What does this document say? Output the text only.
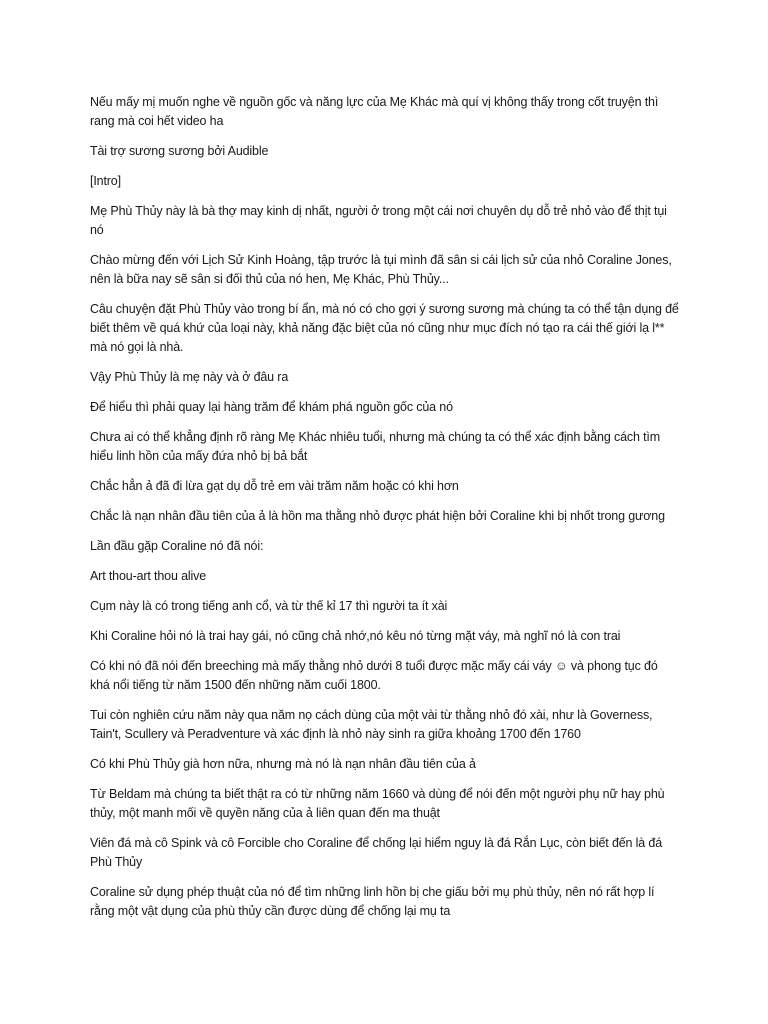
Nếu mấy mị muốn nghe về nguồn gốc và năng lực của Mẹ Khác mà quí vị không thấy trong cốt truyện thì rang mà coi hết video ha

Tài trợ sương sương bởi Audible

[Intro]

Mẹ Phù Thủy này là bà thợ may kinh dị nhất, người ở trong một cái nơi chuyên dụ dỗ trẻ nhỏ vào để thịt tụi nó

Chào mừng đến với Lịch Sử Kinh Hoàng, tập trước là tụi mình đã sân si cái lịch sử của nhỏ Coraline Jones, nên là bữa nay sẽ sân si đối thủ của nó hen, Mẹ Khác, Phù Thủy...

Câu chuyện đặt Phù Thủy vào trong bí ẩn, mà nó có cho gợi ý sương sương mà chúng ta có thể tận dụng để biết thêm về quá khứ của loại này, khả năng đặc biệt của nó cũng như mục đích nó tạo ra cái thế giới lạ l** mà nó gọi là nhà.

Vậy Phù Thủy là mẹ này và ở đâu ra

Để hiểu thì phải quay lại hàng trăm để khám phá nguồn gốc của nó

Chưa ai có thể khẳng định rõ ràng Mẹ Khác nhiêu tuổi, nhưng mà chúng ta có thể xác định bằng cách tìm hiểu linh hồn của mấy đứa nhỏ bị bả bắt

Chắc hẳn ả đã đi lừa gạt dụ dỗ trẻ em vài trăm năm hoặc có khi hơn

Chắc là nạn nhân đầu tiên của ả là hồn ma thằng nhỏ được phát hiện bởi Coraline khi bị nhốt trong gương

Lần đầu gặp Coraline nó đã nói:

Art thou-art thou alive

Cụm này là có trong tiếng anh cổ, và từ thế kỉ 17 thì người ta ít xài

Khi Coraline hỏi nó là trai hay gái, nó cũng chả nhớ,nó kêu nó từng mặt váy, mà nghĩ nó là con trai

Có khi nó đã nói đến breeching mà mấy thằng nhỏ dưới 8 tuổi được mặc mấy cái váy ☺ và phong tục đó khá nổi tiếng từ năm 1500 đến những năm cuối 1800.

Tui còn nghiên cứu năm này qua năm nọ cách dùng của một vài từ thằng nhỏ đó xài, như là Governess, Tain't, Scullery và Peradventure và xác định là nhỏ này sinh ra giữa khoảng 1700 đến 1760

Có khi Phù Thủy già hơn nữa, nhưng mà nó là nạn nhân đầu tiên của ả

Từ Beldam mà chúng ta biết thật ra có từ những năm 1660 và dùng để nói đến một người phụ nữ hay phù thủy, một manh mối về quyền năng của ả liên quan đến ma thuật

Viên đá mà cô Spink và cô Forcible cho Coraline để chống lại hiểm nguy là đá Rắn Lục, còn biết đến là đá Phù Thủy

Coraline sử dụng phép thuật của nó để tìm những linh hồn bị che giấu bởi mụ phù thủy, nên nó rất hợp lí rằng một vật dụng của phù thủy cần được dùng để chống lại mụ ta
